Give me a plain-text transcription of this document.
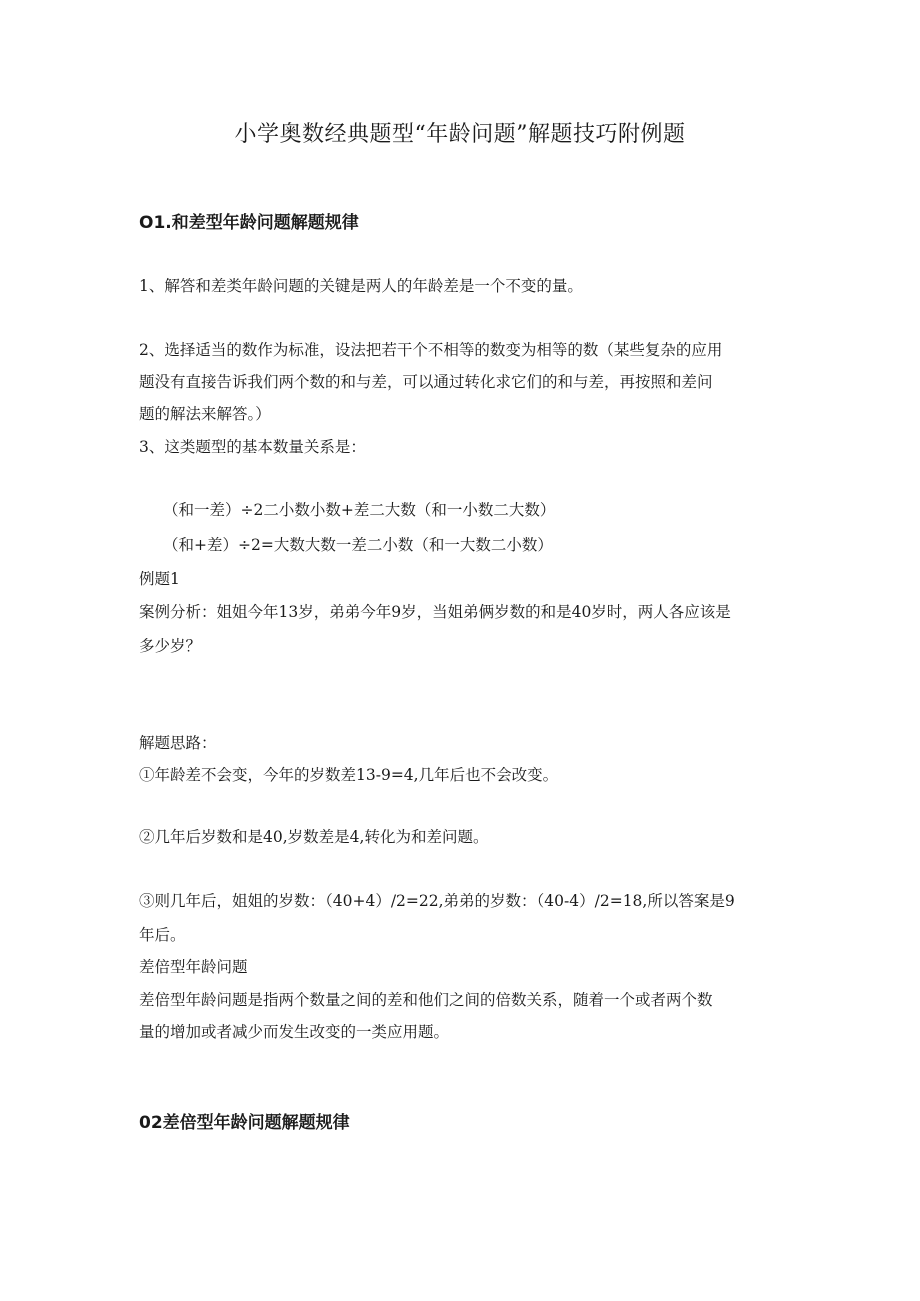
小学奥数经典题型“年龄问题”解题技巧附例题
O1.和差型年龄问题解题规律

1、解答和差类年龄问题的关键是两人的年龄差是一个不变的量。

2、选择适当的数作为标准，设法把若干个不相等的数变为相等的数（某些复杂的应用

题没有直接告诉我们两个数的和与差，可以通过转化求它们的和与差，再按照和差问

题的解法来解答。）

3、这类题型的基本数量关系是：

（和一差）÷2二小数小数+差二大数（和一小数二大数）

（和+差）÷2=大数大数一差二小数（和一大数二小数）

例题1

案例分析：姐姐今年13岁，弟弟今年9岁，当姐弟俩岁数的和是40岁时，两人各应该是

多少岁？

解题思路：

①年龄差不会变，今年的岁数差13-9=4,几年后也不会改变。

②几年后岁数和是40,岁数差是4,转化为和差问题。

③则几年后，姐姐的岁数：（40+4）/2=22,弟弟的岁数：（40-4）/2=18,所以答案是9

年后。

差倍型年龄问题

差倍型年龄问题是指两个数量之间的差和他们之间的倍数关系，随着一个或者两个数

量的增加或者减少而发生改变的一类应用题。

02差倍型年龄问题解题规律
